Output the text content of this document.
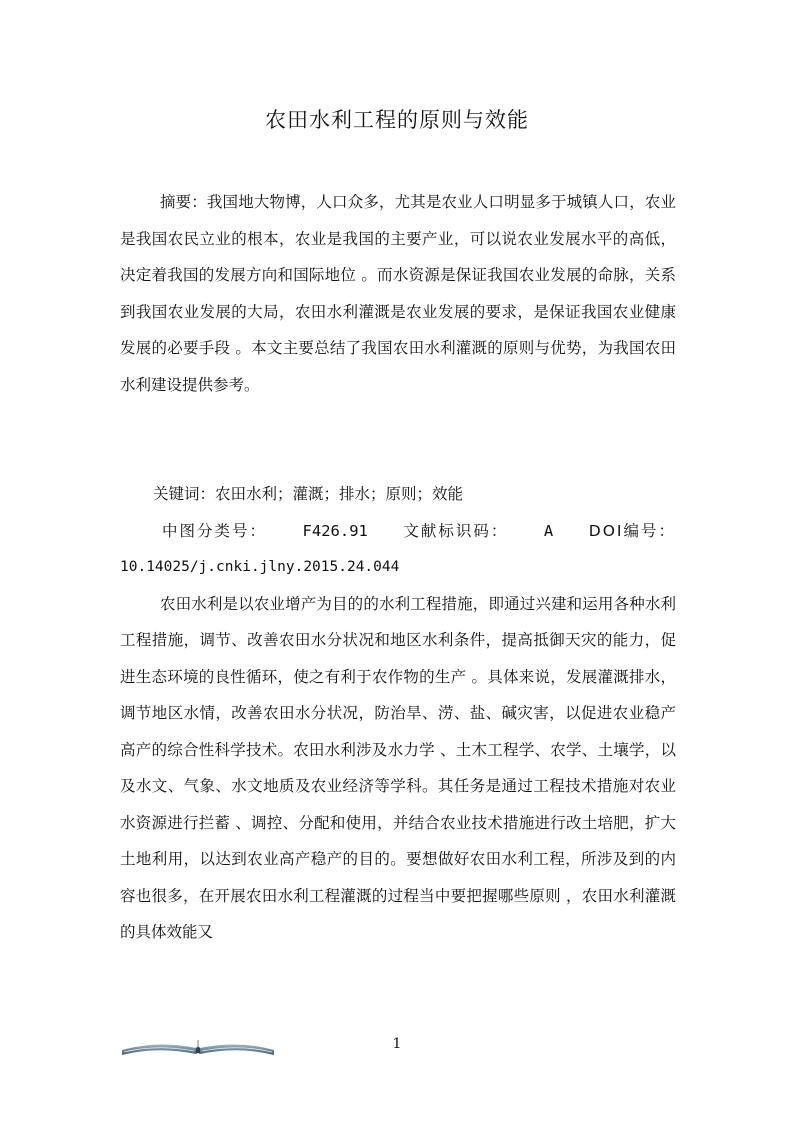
农田水利工程的原则与效能

摘要：我国地大物博，人口众多，尤其是农业人口明显多于城镇人口，农业是我国农民立业的根本，农业是我国的主要产业，可以说农业发展水平的高低，决定着我国的发展方向和国际地位 。而水资源是保证我国农业发展的命脉，关系到我国农业发展的大局，农田水利灌溉是农业发展的要求，是保证我国农业健康发展的必要手段 。本文主要总结了我国农田水利灌溉的原则与优势，为我国农田水利建设提供参考。

关键词：农田水利；灌溉；排水；原则；效能

中图分类号： F426.91 文献标识码： A DOI编号：

10.14025/j.cnki.jlny.2015.24.044

农田水利是以农业增产为目的的水利工程措施，即通过兴建和运用各种水利工程措施，调节、改善农田水分状况和地区水利条件，提高抵御天灾的能力，促进生态环境的良性循环，使之有利于农作物的生产 。具体来说，发展灌溉排水，调节地区水情，改善农田水分状况，防治旱、涝、盐、碱灾害，以促进农业稳产高产的综合性科学技术。农田水利涉及水力学 、土木工程学、农学、土壤学，以及水文、气象、水文地质及农业经济等学科。其任务是通过工程技术措施对农业水资源进行拦蓄 、调控、分配和使用，并结合农业技术措施进行改土培肥，扩大土地利用，以达到农业高产稳产的目的。要想做好农田水利工程，所涉及到的内容也很多，在开展农田水利工程灌溉的过程当中要把握哪些原则 ，农田水利灌溉的具体效能又

1
